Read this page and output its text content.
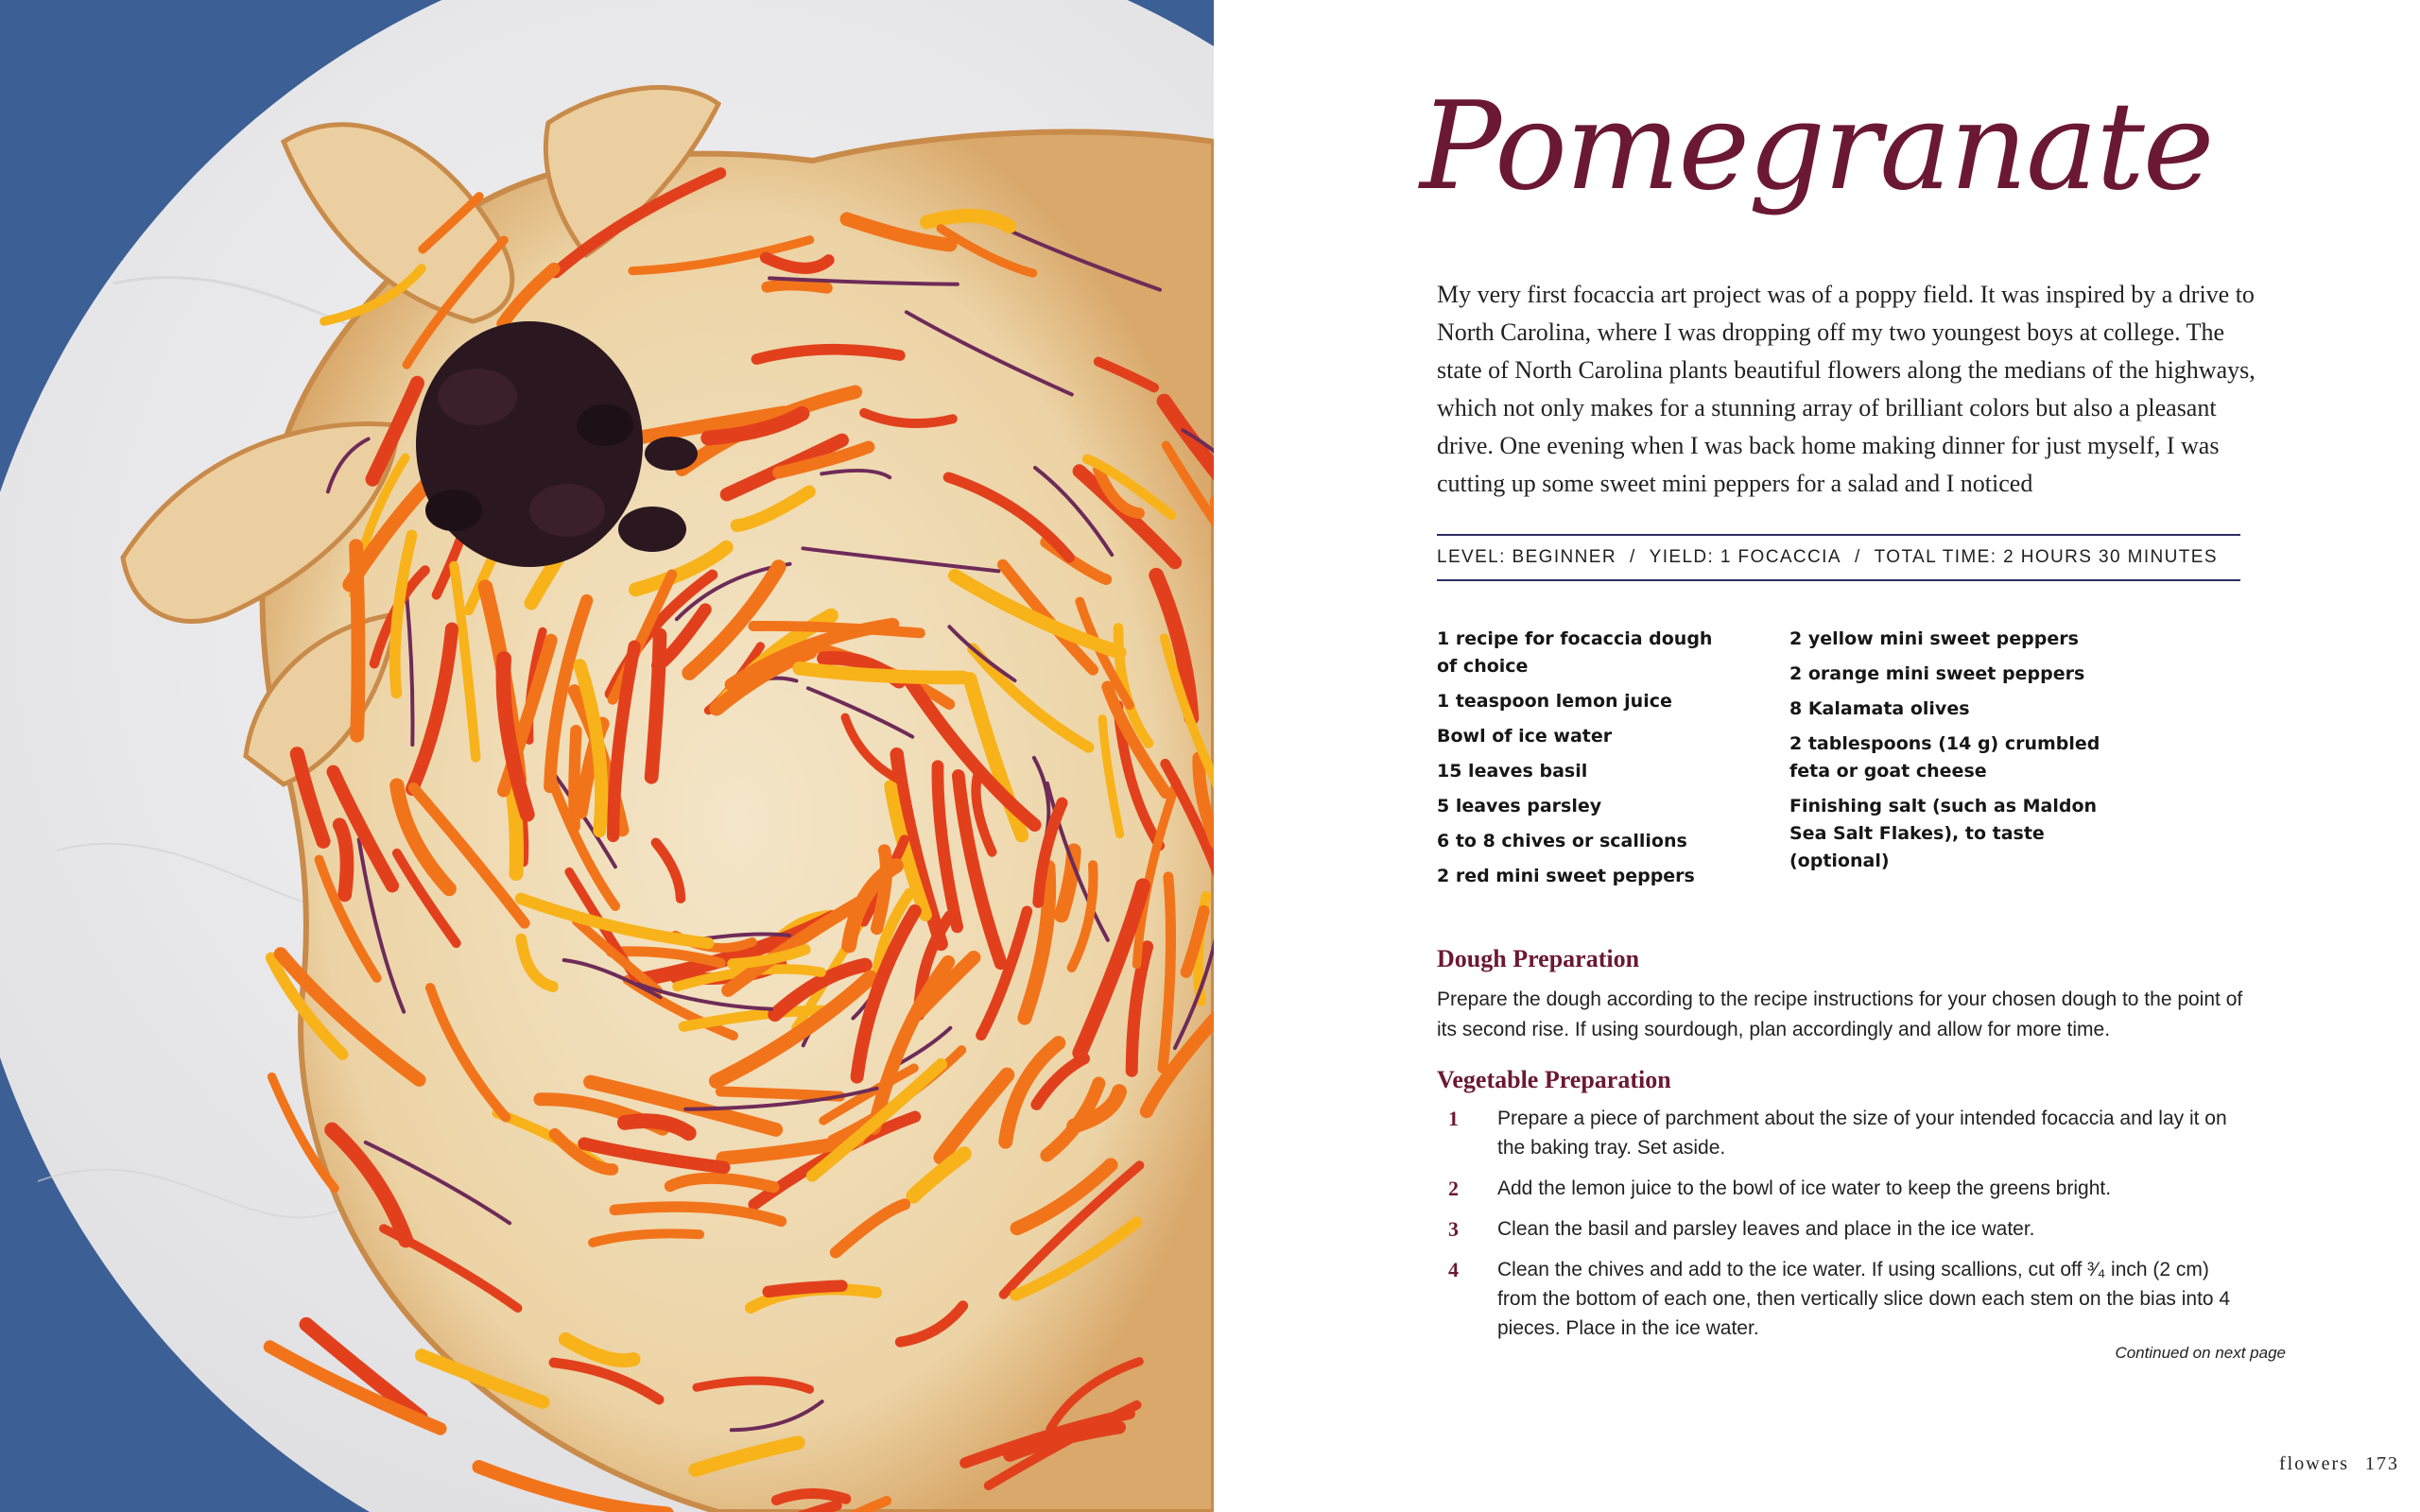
Pomegranate

My very first focaccia art project was of a poppy field. It was inspired by a drive to North Carolina, where I was dropping off my two youngest boys at college. The state of North Carolina plants beautiful flowers along the medians of the highways, which not only makes for a stunning array of brilliant colors but also a pleasant drive. One evening when I was back home making dinner for just myself, I was cutting up some sweet mini peppers for a salad and I noticed

LEVEL: BEGINNER / YIELD: 1 FOCACCIA / TOTAL TIME: 2 HOURS 30 MINUTES
1 recipe for focaccia dough of choice
1 teaspoon lemon juice
Bowl of ice water
15 leaves basil
5 leaves parsley
6 to 8 chives or scallions
2 red mini sweet peppers
2 yellow mini sweet peppers
2 orange mini sweet peppers
8 Kalamata olives
2 tablespoons (14 g) crumbled feta or goat cheese
Finishing salt (such as Maldon Sea Salt Flakes), to taste (optional)
Dough Preparation

Prepare the dough according to the recipe instructions for your chosen dough to the point of its second rise. If using sourdough, plan accordingly and allow for more time.

Vegetable Preparation
1	Prepare a piece of parchment about the size of your intended focaccia and lay it on the baking tray. Set aside.
2	Add the lemon juice to the bowl of ice water to keep the greens bright.
3	Clean the basil and parsley leaves and place in the ice water.
4	Clean the chives and add to the ice water. If using scallions, cut off ³⁄₄ inch (2 cm) from the bottom of each one, then vertically slice down each stem on the bias into 4 pieces. Place in the ice water.

Continued on next page

flowers 173
